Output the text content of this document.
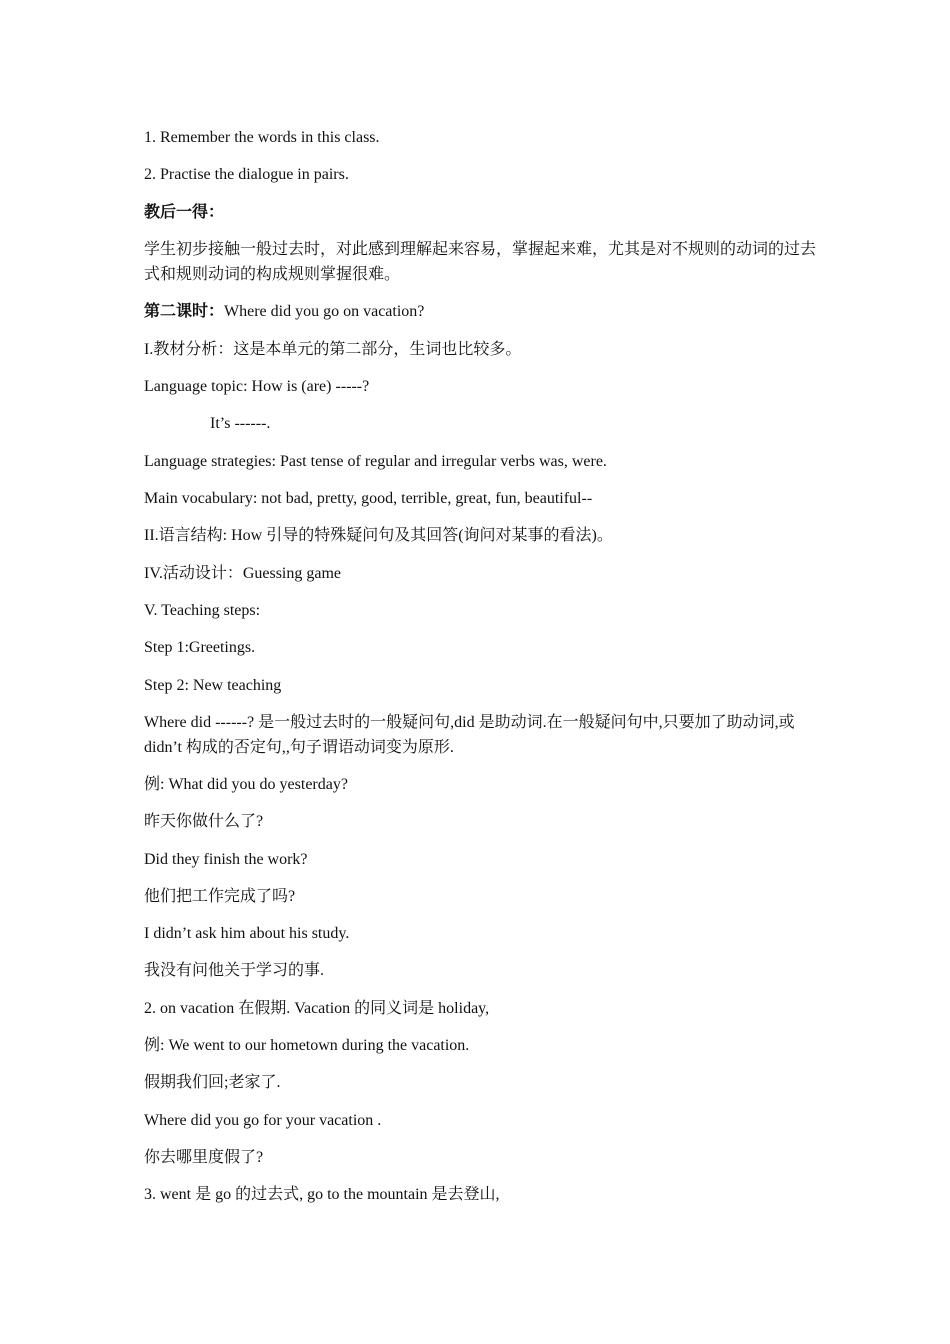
1. Remember the words in this class.
2. Practise the dialogue in pairs.
教后一得：
学生初步接触一般过去时，对此感到理解起来容易，掌握起来难，尤其是对不规则的动词的过去式和规则动词的构成规则掌握很难。
第二课时：Where did you go on vacation?
I.教材分析：这是本单元的第二部分，生词也比较多。
Language topic: How is (are) -----?
It’s ------.
Language strategies: Past tense of regular and irregular verbs was, were.
Main vocabulary: not bad, pretty, good, terrible, great, fun, beautiful--
II.语言结构: How 引导的特殊疑问句及其回答(询问对某事的看法)。
IV.活动设计：Guessing game
V. Teaching steps:
Step 1:Greetings.
Step 2: New teaching
Where did ------? 是一般过去时的一般疑问句,did 是助动词.在一般疑问句中,只要加了助动词,或 didn’t 构成的否定句,,句子谓语动词变为原形.
例: What did you do yesterday?
昨天你做什么了?
Did they finish the work?
他们把工作完成了吗?
I didn’t ask him about his study.
我没有问他关于学习的事.
2. on vacation 在假期. Vacation 的同义词是 holiday,
例: We went to our hometown during the vacation.
假期我们回;老家了.
Where did you go for your vacation .
你去哪里度假了?
3. went 是 go 的过去式, go to the mountain 是去登山,
